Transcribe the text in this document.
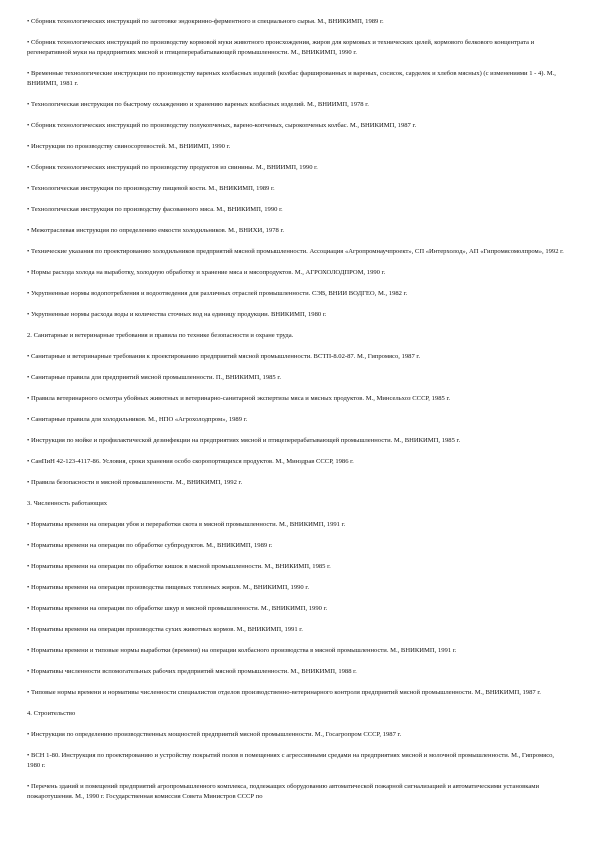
• Сборник технологических инструкций по заготовке эндокринно-ферментного и специального сырья. М., ВНИКИМП, 1989 г.
• Сборник технологических инструкций по производству кормовой муки животного происхождения, жиров для кормовых и технических целей, кормового белкового концентрата и регенеративной муки на предприятиях мясной и птицеперерабатывающей промышленности. М., ВНИКИМП, 1990 г.
• Временные технологические инструкции по производству вареных колбасных изделий (колбас фаршированных и вареных, сосисок, сарделек и хлебов мясных) (с изменениями 1 - 4). М., ВНИИМП, 1981 г.
• Технологическая инструкция по быстрому охлаждению и хранению вареных колбасных изделий. М., ВНИИМП, 1978 г.
• Сборник технологических инструкций по производству полукопченых, варено-копченых, сырокопченых колбас. М., ВНИКИМП, 1987 г.
• Инструкция по производству свиносортевостей. М., ВНИИМП, 1990 г.
• Сборник технологических инструкций по производству продуктов из свинины. М., ВНИИМП, 1990 г.
• Технологическая инструкция по производству пищевой кости. М., ВНИКИМП, 1989 г.
• Технологическая инструкция по производству фасованного мяса. М., ВНИКИМП, 1990 г.
• Межотраслевая инструкция по определению емкости холодильников. М., ВНИХИ, 1978 г.
• Технические указания по проектированию холодильников предприятий мясной промышленности. Ассоциация «Агропромнаучпроект», СП «Интерхолод», АП «Гипромясомолпром», 1992 г.
• Нормы расхода холода на выработку, холодную обработку и хранение мяса и мясопродуктов. М., АГРОХОЛОДПРОМ, 1990 г.
• Укрупненные нормы водопотребления и водоотведения для различных отраслей промышленности. СЭВ, ВНИИ ВОДГЕО, М., 1982 г.
• Укрупненные нормы расхода воды и количества сточных вод на единицу продукции. ВНИКИМП, 1980 г.
2. Санитарные и ветеринарные требования и правила по технике безопасности и охране труда.
• Санитарные и ветеринарные требования к проектированию предприятий мясной промышленности. ВСТП-8.02-87. М., Гипромясо, 1987 г.
• Санитарные правила для предприятий мясной промышленности. П., ВНИКИМП, 1985 г.
• Правила ветеринарного осмотра убойных животных и ветеринарно-санитарной экспертизы мяса и мясных продуктов. М., Минсельхоз СССР, 1985 г.
• Санитарные правила для холодильников. М., НПО «Агрохолодпром», 1989 г.
• Инструкция по мойке и профилактической дезинфекции на предприятиях мясной и птицеперерабатывающей промышленности. М., ВНИКИМП, 1985 г.
• СанПиН 42-123-4117-86. Условия, сроки хранения особо скоропортящихся продуктов. М., Минздрав СССР, 1986 г.
• Правила безопасности в мясной промышленности. М., ВНИКИМП, 1992 г.
3. Численность работающих
• Нормативы времени на операции убоя и переработки скота в мясной промышленности. М., ВНИКИМП, 1991 г.
• Нормативы времени на операции по обработке субпродуктов. М., ВНИКИМП, 1989 г.
• Нормативы времени на операции по обработке кишок в мясной промышленности. М., ВНИКИМП, 1985 г.
• Нормативы времени на операции производства пищевых топленых жиров. М., ВНИКИМП, 1990 г.
• Нормативы времени на операции по обработке шкур в мясной промышленности. М., ВНИКИМП, 1990 г.
• Нормативы времени на операции производства сухих животных кормов. М., ВНИКИМП, 1991 г.
• Нормативы времени и типовые нормы выработки (времени) на операции колбасного производства в мясной промышленности. М., ВНИКИМП, 1991 г.
• Нормативы численности вспомогательных рабочих предприятий мясной промышленности. М., ВНИКИМП, 1988 г.
• Типовые нормы времени и нормативы численности специалистов отделов производственно-ветеринарного контроля предприятий мясной промышленности. М., ВНИКИМП, 1987 г.
4. Строительство
• Инструкция по определению производственных мощностей предприятий мясной промышленности. М., Госагропром СССР, 1987 г.
• ВСН 1-80. Инструкция по проектированию и устройству покрытий полов в помещениях с агрессивными средами на предприятиях мясной и молочной промышленности. М., Гипромясо, 1980 г.
• Перечень зданий и помещений предприятий агропромышленного комплекса, подлежащих оборудованию автоматической пожарной сигнализацией и автоматическими установками пожаротушения. М., 1990 г. Государственная комиссия Совета Министров СССР по
